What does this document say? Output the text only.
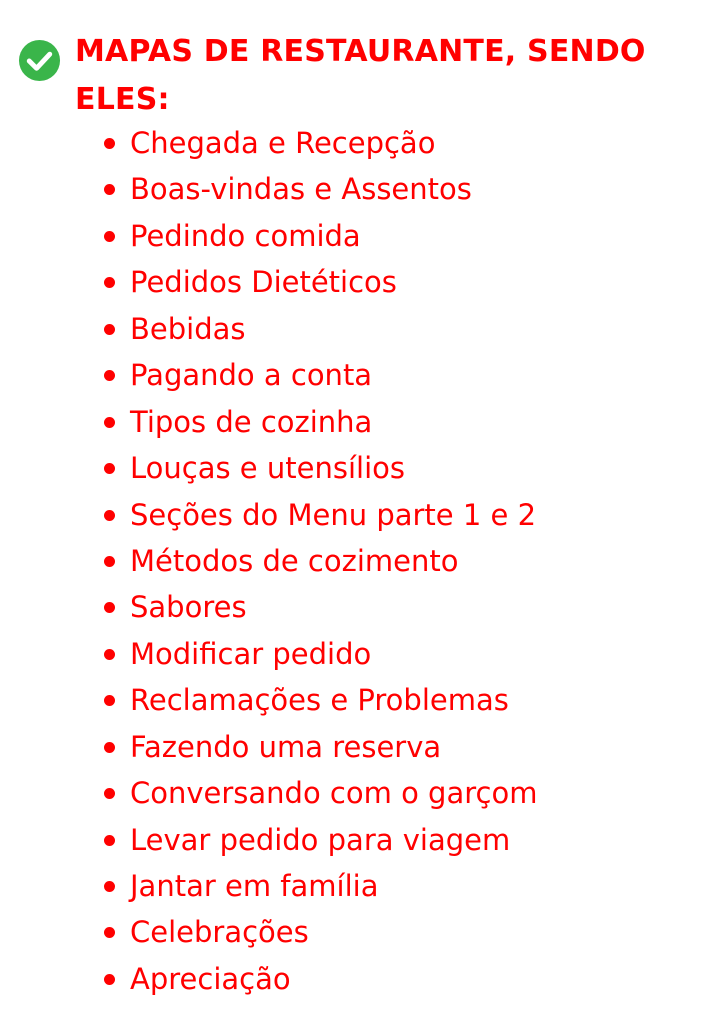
MAPAS DE RESTAURANTE, SENDO ELES:
Chegada e Recepção
Boas-vindas e Assentos
Pedindo comida
Pedidos Dietéticos
Bebidas
Pagando a conta
Tipos de cozinha
Louças e utensílios
Seções do Menu parte 1 e 2
Métodos de cozimento
Sabores
Modificar pedido
Reclamações e Problemas
Fazendo uma reserva
Conversando com o garçom
Levar pedido para viagem
Jantar em família
Celebrações
Apreciação
